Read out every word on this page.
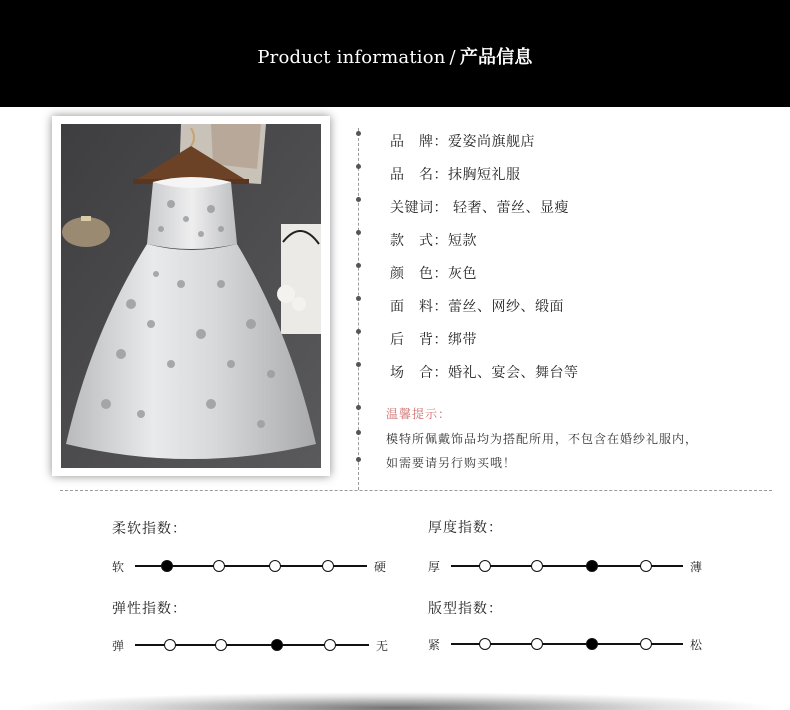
Product information / 产品信息
品　牌：爱姿尚旗舰店
品　名：抹胸短礼服
关键词： 轻奢、蕾丝、显瘦
款　式：短款
颜　色：灰色
面　料：蕾丝、网纱、缎面
后　背：绑带
场　合：婚礼、宴会、舞台等
温馨提示：
模特所佩戴饰品均为搭配所用，不包含在婚纱礼服内，
如需要请另行购买哦！
柔软指数：
软	硬
厚度指数：
厚	薄
弹性指数：
弹	无
版型指数：
紧	松
